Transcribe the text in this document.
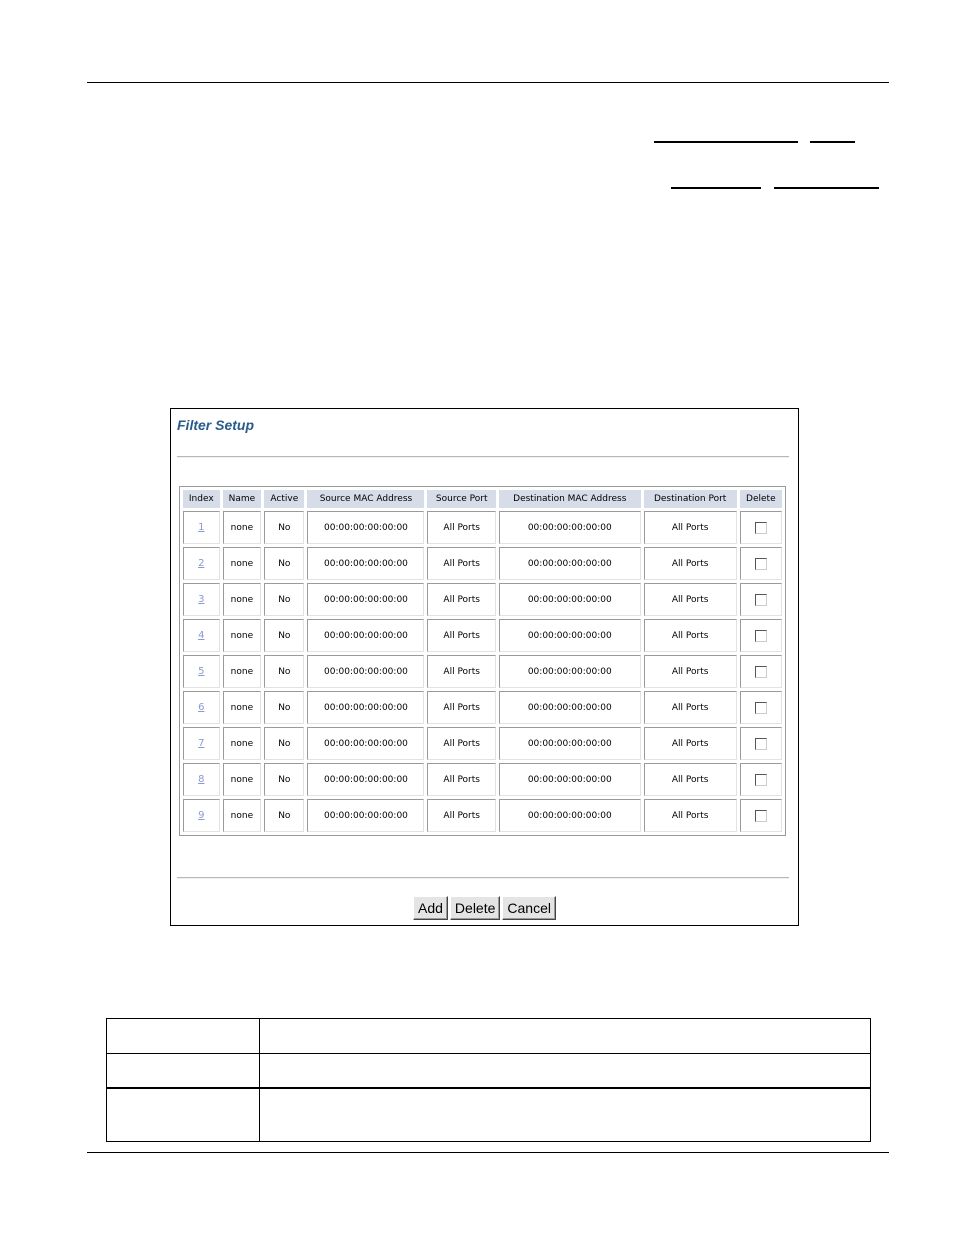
Filter Setup
Index	Name	Active	Source MAC Address	Source Port	Destination MAC Address	Destination Port	Delete
1	none	No	00:00:00:00:00:00	All Ports	00:00:00:00:00:00	All Ports	
2	none	No	00:00:00:00:00:00	All Ports	00:00:00:00:00:00	All Ports	
3	none	No	00:00:00:00:00:00	All Ports	00:00:00:00:00:00	All Ports	
4	none	No	00:00:00:00:00:00	All Ports	00:00:00:00:00:00	All Ports	
5	none	No	00:00:00:00:00:00	All Ports	00:00:00:00:00:00	All Ports	
6	none	No	00:00:00:00:00:00	All Ports	00:00:00:00:00:00	All Ports	
7	none	No	00:00:00:00:00:00	All Ports	00:00:00:00:00:00	All Ports	
8	none	No	00:00:00:00:00:00	All Ports	00:00:00:00:00:00	All Ports	
9	none	No	00:00:00:00:00:00	All Ports	00:00:00:00:00:00	All Ports	
Add Delete Cancel
